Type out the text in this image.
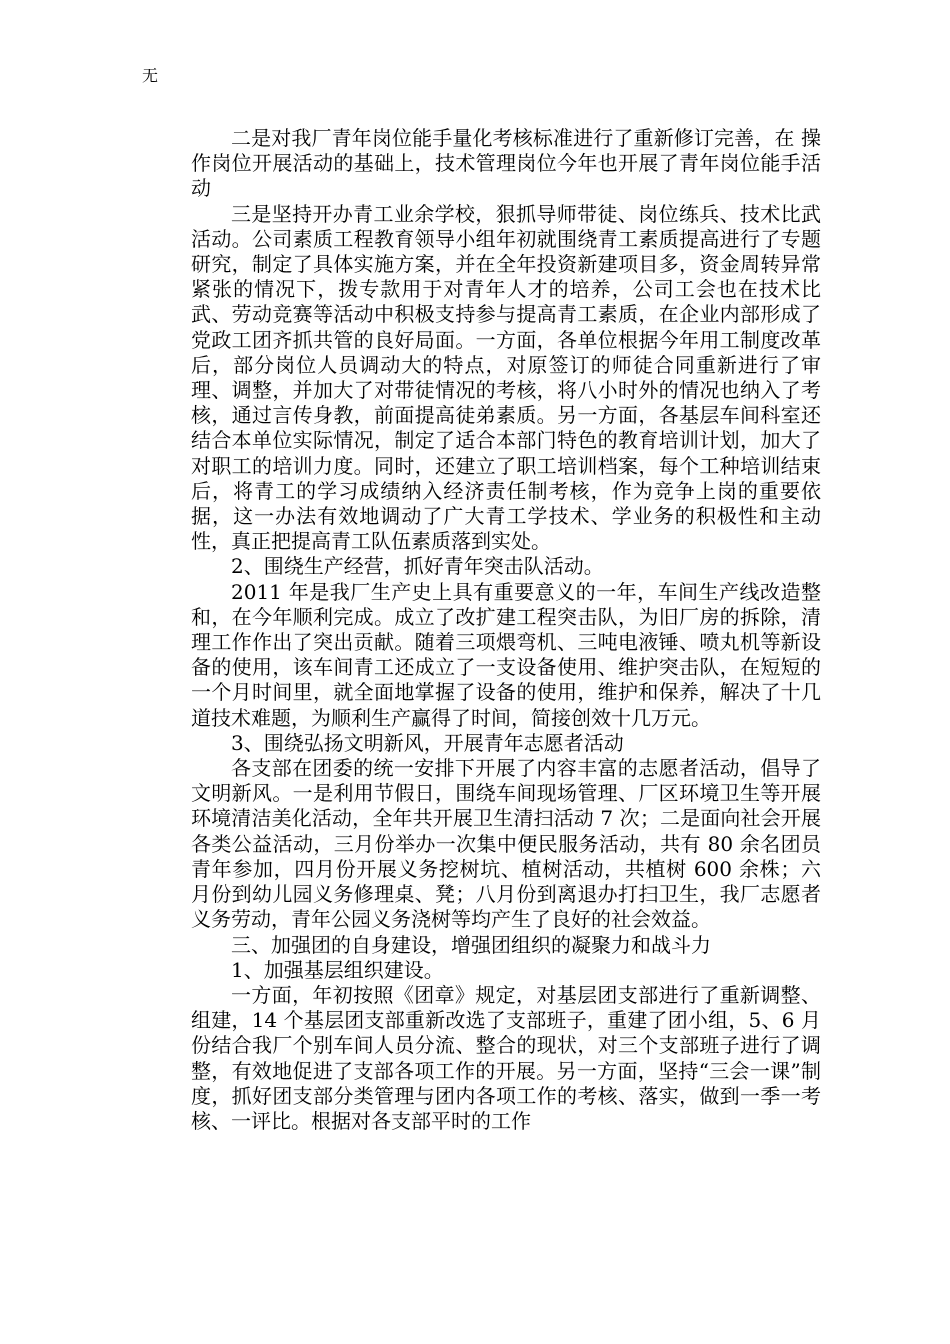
无

二是对我厂青年岗位能手量化考核标准进行了重新修订完善，在 操作岗位开展活动的基础上，技术管理岗位今年也开展了青年岗位能手活动

三是坚持开办青工业余学校，狠抓导师带徒、岗位练兵、技术比武活动。公司素质工程教育领导小组年初就围绕青工素质提高进行了专题研究，制定了具体实施方案，并在全年投资新建项目多，资金周转异常紧张的情况下，拨专款用于对青年人才的培养，公司工会也在技术比武、劳动竞赛等活动中积极支持参与提高青工素质，在企业内部形成了党政工团齐抓共管的良好局面。一方面，各单位根据今年用工制度改革后，部分岗位人员调动大的特点，对原签订的师徒合同重新进行了审理、调整，并加大了对带徒情况的考核，将八小时外的情况也纳入了考核，通过言传身教，前面提高徒弟素质。另一方面，各基层车间科室还结合本单位实际情况，制定了适合本部门特色的教育培训计划，加大了对职工的培训力度。同时，还建立了职工培训档案，每个工种培训结束后，将青工的学习成绩纳入经济责任制考核，作为竞争上岗的重要依据，这一办法有效地调动了广大青工学技术、学业务的积极性和主动性，真正把提高青工队伍素质落到实处。

2、围绕生产经营，抓好青年突击队活动。

2011 年是我厂生产史上具有重要意义的一年，车间生产线改造整和，在今年顺利完成。成立了改扩建工程突击队，为旧厂房的拆除，清理工作作出了突出贡献。随着三项煨弯机、三吨电液锤、喷丸机等新设备的使用，该车间青工还成立了一支设备使用、维护突击队，在短短的一个月时间里，就全面地掌握了设备的使用，维护和保养，解决了十几道技术难题，为顺利生产赢得了时间，简接创效十几万元。

3、围绕弘扬文明新风，开展青年志愿者活动

各支部在团委的统一安排下开展了内容丰富的志愿者活动，倡导了文明新风。一是利用节假日，围绕车间现场管理、厂区环境卫生等开展环境清洁美化活动，全年共开展卫生清扫活动 7 次；二是面向社会开展各类公益活动，三月份举办一次集中便民服务活动，共有 80 余名团员青年参加，四月份开展义务挖树坑、植树活动，共植树 600 余株；六月份到幼儿园义务修理桌、凳；八月份到离退办打扫卫生，我厂志愿者义务劳动，青年公园义务浇树等均产生了良好的社会效益。

三、加强团的自身建设，增强团组织的凝聚力和战斗力

1、加强基层组织建设。

一方面，年初按照《团章》规定，对基层团支部进行了重新调整、组建，14 个基层团支部重新改选了支部班子，重建了团小组，5、6 月份结合我厂个别车间人员分流、整合的现状，对三个支部班子进行了调整，有效地促进了支部各项工作的开展。另一方面，坚持“三会一课”制度，抓好团支部分类管理与团内各项工作的考核、落实，做到一季一考核、一评比。根据对各支部平时的工作
